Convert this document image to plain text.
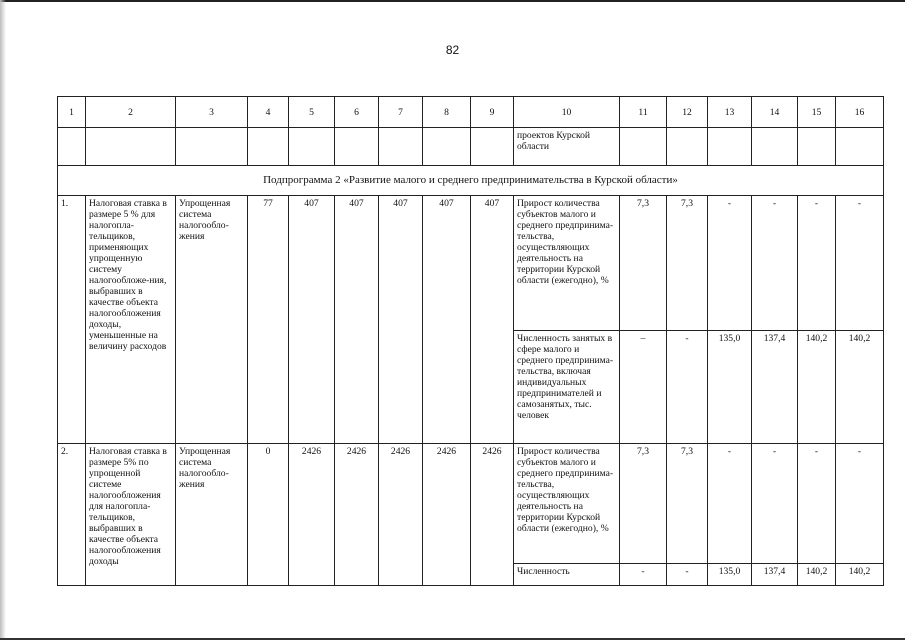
82
1	2	3	4	5	6	7	8	9	10	11	12	13	14	15	16
									проектов Курской области						
Подпрограмма 2 «Развитие малого и среднего предпринимательства в Курской области»															
1.	Налоговая ставка в размере 5 % для налогопла-тельщиков, применяющих упрощенную систему налогообложе-ния, выбравших в качестве объекта налогообложения доходы, уменьшенные на величину расходов	Упрощенная система налогообло-жения	77	407	407	407	407	407	Прирост количества субъектов малого и среднего предпринима-тельства, осуществляющих деятельность на территории Курской области (ежегодно), %	7,3	7,3	-	-	-	-
									Численность занятых в сфере малого и среднего предпринима-тельства, включая индивидуальных предпринимателей и самозанятых, тыс. человек	–	-	135,0	137,4	140,2	140,2
2.	Налоговая ставка в размере 5% по упрощенной системе налогообложения для налогопла-тельщиков, выбравших в качестве объекта налогообложения доходы	Упрощенная система налогообло-жения	0	2426	2426	2426	2426	2426	Прирост количества субъектов малого и среднего предпринима-тельства, осуществляющих деятельность на территории Курской области (ежегодно), %	7,3	7,3	-	-	-	-
									Численность	-	-	135,0	137,4	140,2	140,2
